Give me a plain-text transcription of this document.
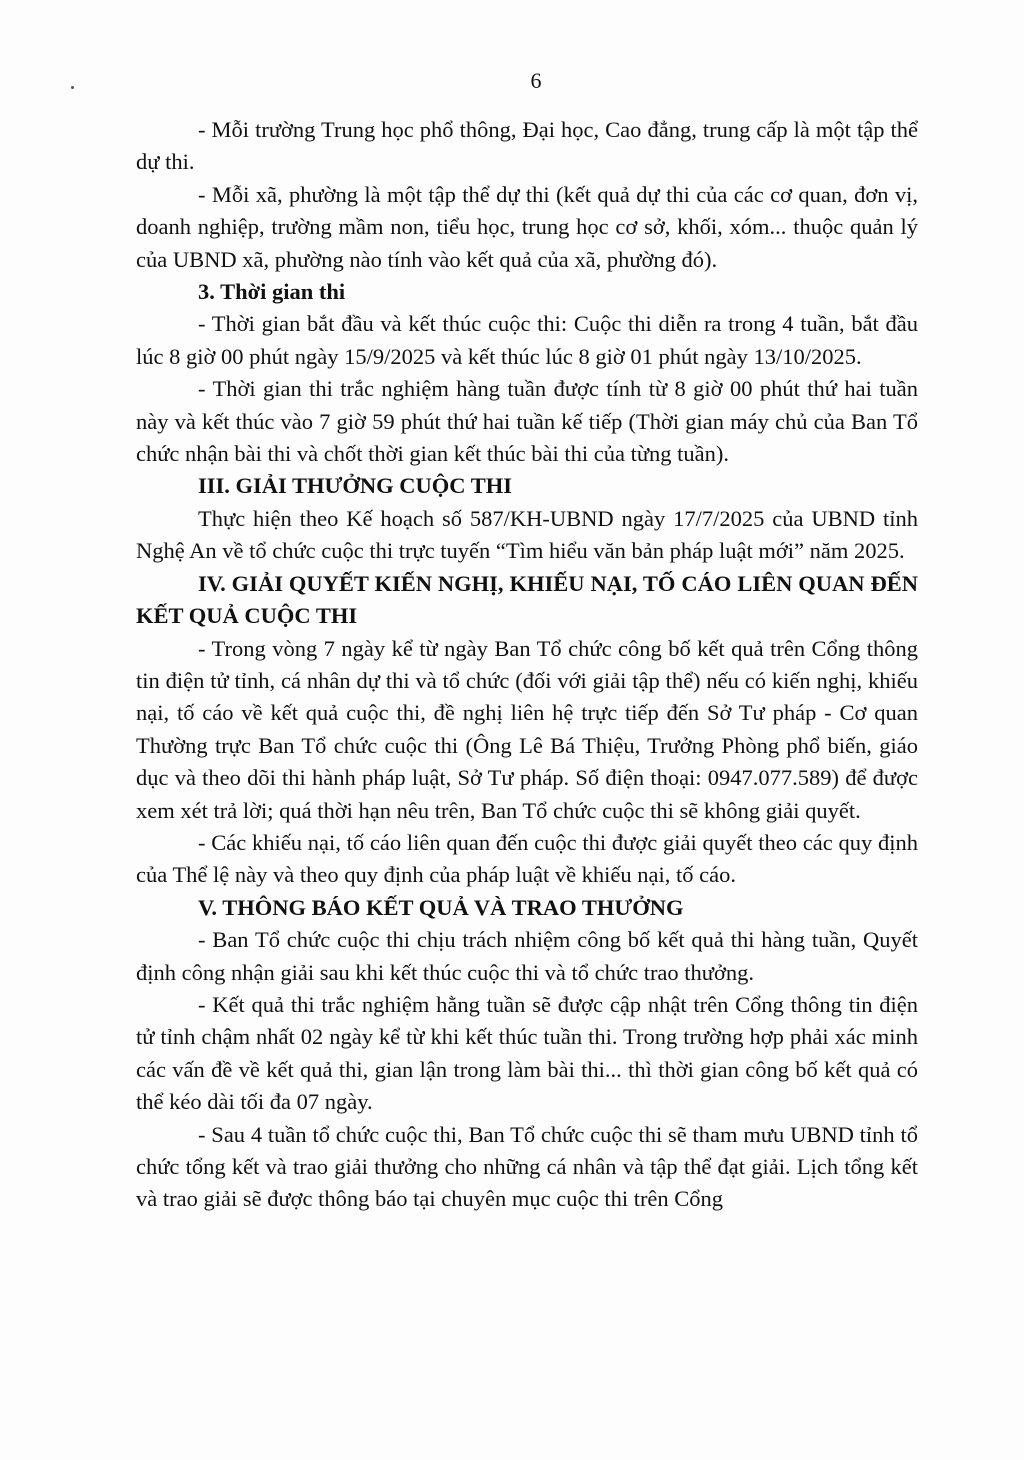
6

- Mỗi trường Trung học phổ thông, Đại học, Cao đẳng, trung cấp là một tập thể dự thi.

- Mỗi xã, phường là một tập thể dự thi (kết quả dự thi của các cơ quan, đơn vị, doanh nghiệp, trường mầm non, tiểu học, trung học cơ sở, khối, xóm... thuộc quản lý của UBND xã, phường nào tính vào kết quả của xã, phường đó).

3. Thời gian thi

- Thời gian bắt đầu và kết thúc cuộc thi: Cuộc thi diễn ra trong 4 tuần, bắt đầu lúc 8 giờ 00 phút ngày 15/9/2025 và kết thúc lúc 8 giờ 01 phút ngày 13/10/2025.

- Thời gian thi trắc nghiệm hàng tuần được tính từ 8 giờ 00 phút thứ hai tuần này và kết thúc vào 7 giờ 59 phút thứ hai tuần kế tiếp (Thời gian máy chủ của Ban Tổ chức nhận bài thi và chốt thời gian kết thúc bài thi của từng tuần).

III. GIẢI THƯỞNG CUỘC THI

Thực hiện theo Kế hoạch số 587/KH-UBND ngày 17/7/2025 của UBND tỉnh Nghệ An về tổ chức cuộc thi trực tuyến “Tìm hiểu văn bản pháp luật mới” năm 2025.

IV. GIẢI QUYẾT KIẾN NGHỊ, KHIẾU NẠI, TỐ CÁO LIÊN QUAN ĐẾN KẾT QUẢ CUỘC THI

- Trong vòng 7 ngày kể từ ngày Ban Tổ chức công bố kết quả trên Cổng thông tin điện tử tỉnh, cá nhân dự thi và tổ chức (đối với giải tập thể) nếu có kiến nghị, khiếu nại, tố cáo về kết quả cuộc thi, đề nghị liên hệ trực tiếp đến Sở Tư pháp - Cơ quan Thường trực Ban Tổ chức cuộc thi (Ông Lê Bá Thiệu, Trưởng Phòng phổ biến, giáo dục và theo dõi thi hành pháp luật, Sở Tư pháp. Số điện thoại: 0947.077.589) để được xem xét trả lời; quá thời hạn nêu trên, Ban Tổ chức cuộc thi sẽ không giải quyết.

- Các khiếu nại, tố cáo liên quan đến cuộc thi được giải quyết theo các quy định của Thể lệ này và theo quy định của pháp luật về khiếu nại, tố cáo.

V. THÔNG BÁO KẾT QUẢ VÀ TRAO THƯỞNG

- Ban Tổ chức cuộc thi chịu trách nhiệm công bố kết quả thi hàng tuần, Quyết định công nhận giải sau khi kết thúc cuộc thi và tổ chức trao thưởng.

- Kết quả thi trắc nghiệm hằng tuần sẽ được cập nhật trên Cổng thông tin điện tử tỉnh chậm nhất 02 ngày kể từ khi kết thúc tuần thi. Trong trường hợp phải xác minh các vấn đề về kết quả thi, gian lận trong làm bài thi... thì thời gian công bố kết quả có thể kéo dài tối đa 07 ngày.

- Sau 4 tuần tổ chức cuộc thi, Ban Tổ chức cuộc thi sẽ tham mưu UBND tỉnh tổ chức tổng kết và trao giải thưởng cho những cá nhân và tập thể đạt giải. Lịch tổng kết và trao giải sẽ được thông báo tại chuyên mục cuộc thi trên Cổng
